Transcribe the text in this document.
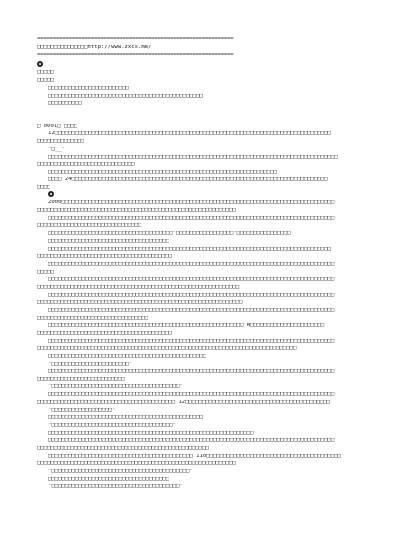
==============================================================
□□□□□□□□□□□□□□□http://www.zxcs.me/
==============================================================
□□□□□
□□□□□
□□□□□□□□□□□□□□□□□□□□□□□□
□□□□□□□□□□□□□□□□□□□□□□□□□□□□□□□□□□□□□□□□□□□□□□
□□□□□□□□□□
□ 0001□ □□□□
12□□□□□□□□□□□□□□□□□□□□□□□□□□□□□□□□□□□□□□□□□□□□□□□□□□□□□□□□□□□□□□□□□□□□□□□□□□□□□□□□□□
□□□□□□□□□□□□□□
"□__"
□□□□□□□□□□□□□□□□□□□□□□□□□□□□□□□□□□□□□□□□□□□□□□□□□□□□□□□□□□□□□□□□□□□□□□□□□□□□□□□□□□□□□□
□□□□□□□□□□□□□□□□□□□□□□□□□□□□□
□□□□□□□□□□□□□□□□□□□□□□□□□□□□□□□□□□□□□□□□□□□□□□□□□□□□□□□□□□□□□□□□□□□□
□□□□ 24□□□□□□□□□□□□□□□□□□□□□□□□□□□□□□□□□□□□□□□□□□□□□□□□□□□□□□□□□□□□□□□□□□□□□□□□□□□□
□□□□
2000□□□□□□□□□□□□□□□□□□□□□□□□□□□□□□□□□□□□□□□□□□□□□□□□□□□□□□□□□□□□□□□□□□□□□□□□□□□□□□□□□
□□□□□□□□□□□□□□□□□□□□□□□□□□□□□□□□□□□□□□□□□□□□□□□□□□□□□□□□□□□
□□□□□□□□□□□□□□□□□□□□□□□□□□□□□□□□□□□□□□□□□□□□□□□□□□□□□□□□□□□□□□□□□□□□□□□□□□□□□□□□□□□□□
□□□□□□□□□□□□□□□□□□□□□□□□□□□□□□□
□□□□□□□□□□□□□□□□□□□□□□□□□□□□□□□□□□□□□"□□□□□□□□□□□□□□□□□"□□□□□□□□□□□□□□□□
□□□□□□□□□□□□□□□□□□□□□□□□□□□□□□□□□□□□
□□□□□□□□□□□□□□□□□□□□□□□□□□□□□□□□□□□□□□□□□□□□□□□□□□□□□□□□□□□□□□□□□□□□□□□□□□□□□□□□□□□□
□□□□□□□□□□□□□□□□□□□□□□□□□□□□□□□□□□□□□□□□
□□□□□□□□□□□□□□□□□□□□□□□□□□□□□□□□□□□□□□□□□□□□□□□□□□□□□□□□□□□□□□□□□□□□□□□□□□□□□□□□□□□□□
□□□□□
□□□□□□□□□□□□□□□□□□□□□□□□□□□□□□□□□□□□□□□□□□□□□□□□□□□□□□□□□□□□□□□□□□□□□□□□□□□□□□□□□□□□□
□□□□□□□□□□□□□□□□□□□□□□□□□□□□□□□□□□□□□□□□□□□□□□□□□□□□□□□□□□□□
□□□□□□□□□□□□□□□□□□□□□□□□□□□□□□□□□□□□□□□□□□□□□□□□□□□□□□□□□□□□□□□□□□□□□□□□□□□□□□□□□□□□□
□□□□□□□□□□□□□□□□□□□□□□□□□□□□□□□□□□□□□□□□□□□□□□□□□□□□□□□□□□□□□
□□□□□□□□□□□□□□□□□□□□□□□□□□□□□□□□□□□□□□□□□□□□□□□□□□□□□□□□□□□□□□□□□□□□□□□□□□□□□□□□□□□□□
□□□□□□□□□□□□□□□□□□□□□□□□□□□□□□□□□
□□□□□□□□□□□□□□□□□□□□□□□□□□□□□□□□□□□□□□□□□□□□□□□□□□□□□□□□□□ N□□□□□□□□□□□□□□□□□□□□□□
□□□□□□□□□□□□□□□□□□□□□□□□□□□□□□□□□□□□□□□□
□□□□□□□□□□□□□□□□□□□□□□□□□□□□□□□□□□□□□□□□□□□□□□□□□□□□□□□□□□□□□□□□□□□□□□□□□□□□□□□□□□□□□
□□□□□□□□□□□□□□□□□□□□□□□□□□□□□□□□□□□□□□□□□□□□□□□□□□□□□□□□□□□□□□□□□□□□□□□□□□□□□
□□□□□□□□□□□□□□□□□□□□□□□□□□□□□□□□□□□□□□□□□□□□□□□
"□□□□□□□□□□□□□□□□□□□□□□□"
□□□□□□□□□□□□□□□□□□□□□□□□□□□□□□□□□□□□□□□□□□□□□□□□□□□□□□□□□□□□□□□□□□□□□□□□□□□□□□□□□□□□□
□□□□□□□□□□□□□□□□□□□□□□□□□□
"□□□□□□□□□□□□□□□□□□□□□□□□□□□□□□□□□□□□□□"
□□□□□□□□□□□□□□□□□□□□□□□□□□□□□□□□□□□□□□□□□□□□□□□□□□□□□□□□□□□□□□□□□□□□□□□□□□□□□□□□□□□□□
□□□□□□□□□□□□□□□□□□□□□□□□□□□□□□□□□□□□□□□□□ 12□□□□□□□□□□□□□□□□□□□□□□□□□□□□□□□□□□□□□□□□□□□
"□□□□□□□□□□□□□□□□□□"
□□□□□□□□□□□□□□□□□□□□□□□□□□□□□□□□□□□□□□□□□□□□□□
"□□□□□□□□□□□□□□□□□□□□□□□□□□□□□□□□□□□□"
□□□□□□□□□□□□□□□□□□□□□□□□□□□□□□□□□□□□□□□□□□□□□□□□□□□□□□□□□□□□□
□□□□□□□□□□□□□□□□□□□□□□□□□□□□□□□□□□□□□□□□□□□□□□□□□□□□□□□□□□□□□□□□□□□□□□□□□□□□□□□□□□□□□
□□□□□□□□□□□□□□□□□□□□□□□□□□□□□□□□□□□□□□□□□□□□□□□□□□□
□□□□□□□□□□□□□□□□□□□□□□□□□□□□□□□□□□□□□□□□□□□ 110□□□□□□□□□□□□□□□□□□□□□□□□□□□□□□□□□□□□□□□□
□□□□□□□□□□□□□□□□□□□□□□□□□□□□□□□□□□□□□□□□□□□□□□□□□□□□□□□□□□□
"□□□□□□□□□□□□□□□□□□□□□□□□□□□□□□□□□□□□□□□□□"
□□□□□□□□□□□□□□□□□□□□□□□□□□□□□□□□□□□□
"□□□□□□□□□□□□□□□□□□□□□□□□□□□□□□□□□□□□□□"
